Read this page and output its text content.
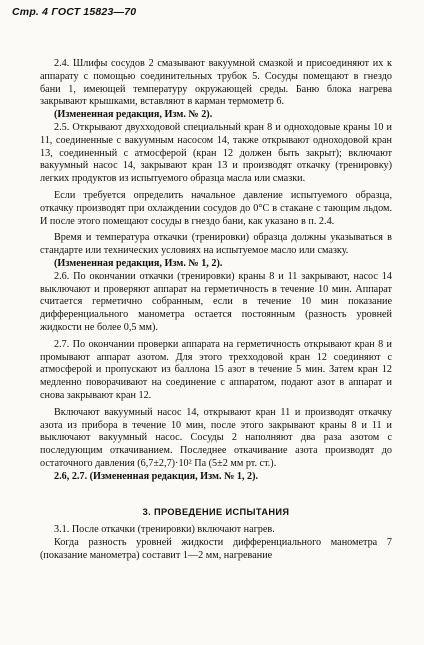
Стр. 4 ГОСТ 15823—70

2.4. Шлифы сосудов 2 смазывают вакуумной смазкой и присоединяют их к аппарату с помощью соединительных трубок 5. Сосуды помещают в гнездо бани 1, имеющей температуру окружающей среды. Баню блока нагрева закрывают крышками, вставляют в карман термометр 6.

(Измененная редакция, Изм. № 2).

2.5. Открывают двухходовой специальный кран 8 и одноходовые краны 10 и 11, соединенные с вакуумным насосом 14, также открывают одноходовой кран 13, соединенный с атмосферой (кран 12 должен быть закрыт); включают вакуумный насос 14, закрывают кран 13 и производят откачку (тренировку) легких продуктов из испытуемого образца масла или смазки.

Если требуется определить начальное давление испытуемого образца, откачку производят при охлаждении сосудов до 0°С в стакане с тающим льдом. И после этого помещают сосуды в гнездо бани, как указано в п. 2.4.

Время и температура откачки (тренировки) образца должны указываться в стандарте или технических условиях на испытуемое масло или смазку.

(Измененная редакция, Изм. № 1, 2).

2.6. По окончании откачки (тренировки) краны 8 и 11 закрывают, насос 14 выключают и проверяют аппарат на герметичность в течение 10 мин. Аппарат считается герметично собранным, если в течение 10 мин показание дифференциального манометра остается постоянным (разность уровней жидкости не более 0,5 мм).

2.7. По окончании проверки аппарата на герметичность открывают кран 8 и промывают аппарат азотом. Для этого трехходовой кран 12 соединяют с атмосферой и пропускают из баллона 15 азот в течение 5 мин. Затем кран 12 медленно поворачивают на соединение с аппаратом, подают азот в аппарат и снова закрывают кран 12.

Включают вакуумный насос 14, открывают кран 11 и производят откачку азота из прибора в течение 10 мин, после этого закрывают краны 8 и 11 и выключают вакуумный насос. Сосуды 2 наполняют два раза азотом с последующим откачиванием. Последнее откачивание азота производят до остаточного давления (6,7±2,7)·10² Па (5±2 мм рт. ст.).

2.6, 2.7. (Измененная редакция, Изм. № 1, 2).

3. ПРОВЕДЕНИЕ ИСПЫТАНИЯ

3.1. После откачки (тренировки) включают нагрев.

Когда разность уровней жидкости дифференциального манометра 7 (показание манометра) составит 1—2 мм, нагревание
